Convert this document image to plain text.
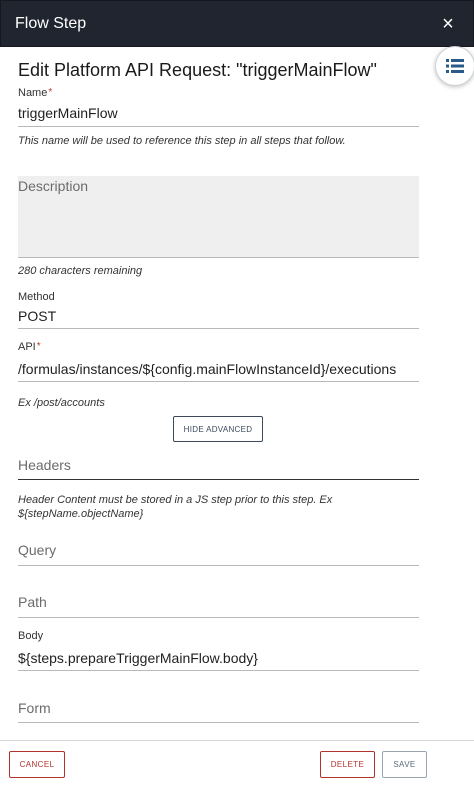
Flow Step	×
Edit Platform API Request: "triggerMainFlow"
Name*
triggerMainFlow
This name will be used to reference this step in all steps that follow.
Description
280 characters remaining
Method
POST
API*
/formulas/instances/${config.mainFlowInstanceId}/executions
Ex /post/accounts
HIDE ADVANCED
Headers
Header Content must be stored in a JS step prior to this step. Ex ${stepName.objectName}
Query
Path
Body
${steps.prepareTriggerMainFlow.body}
Form
CANCEL	DELETE	SAVE
